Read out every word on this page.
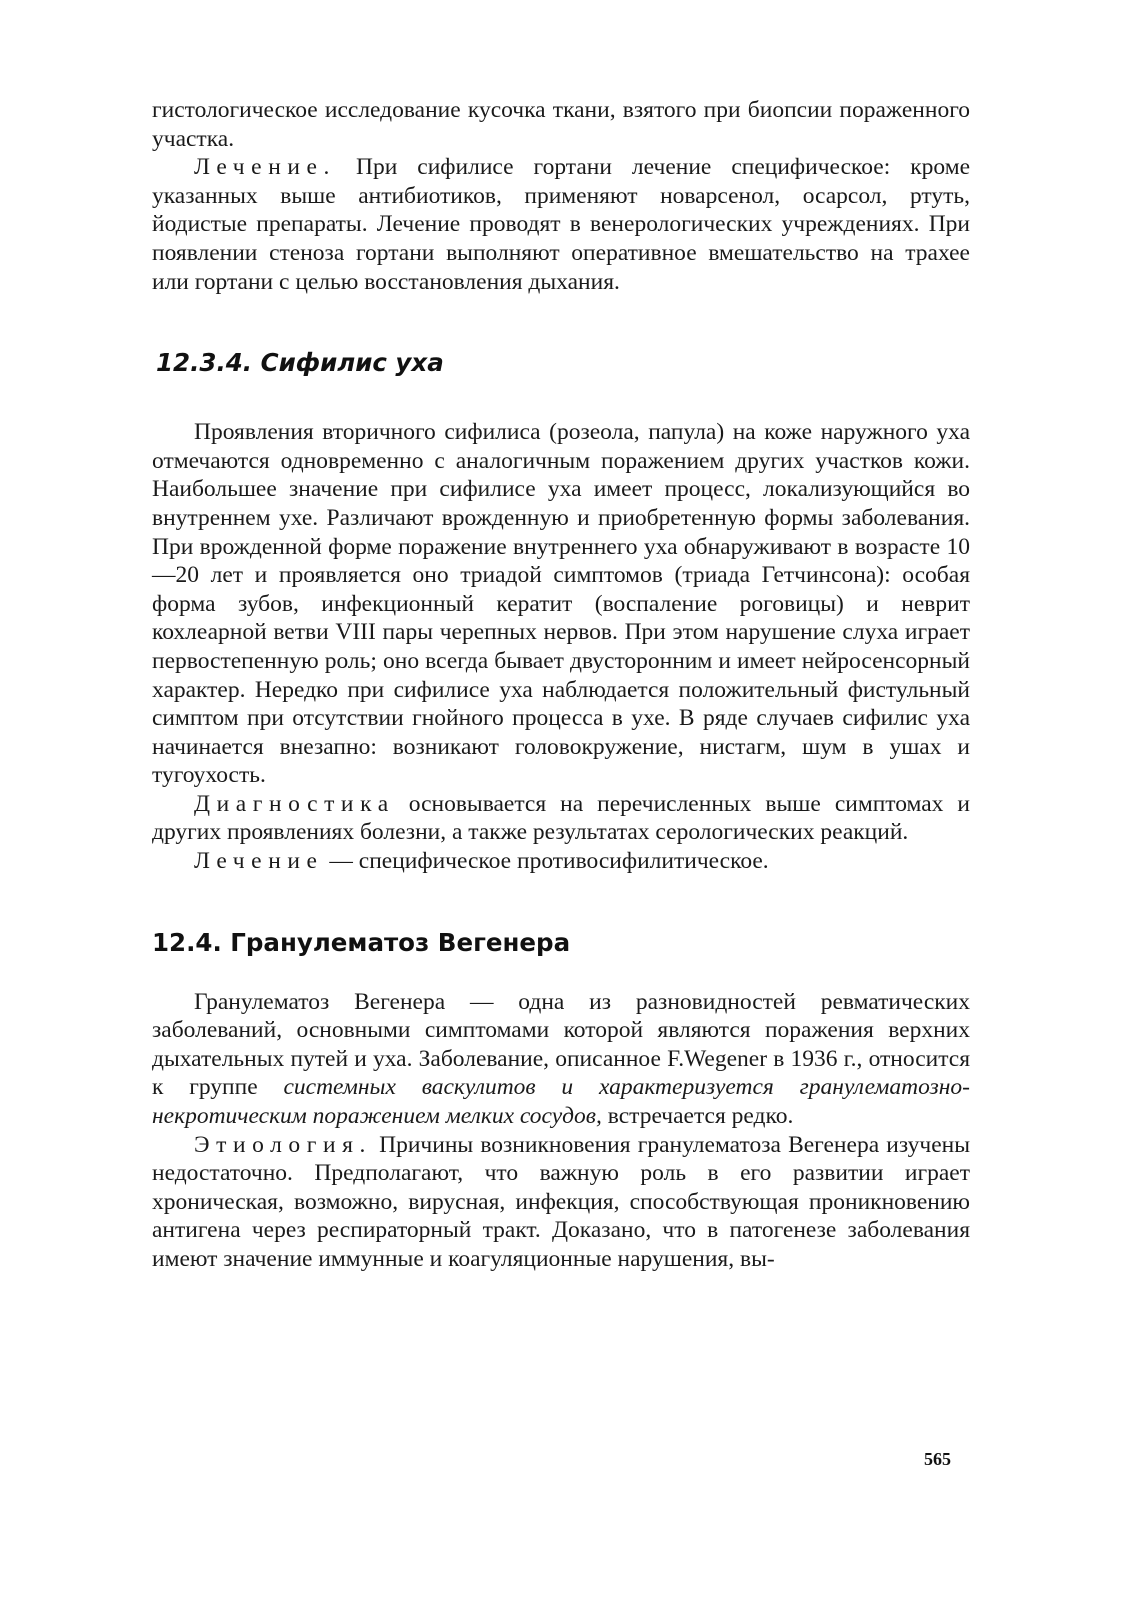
гистологическое исследование кусочка ткани, взятого при биопсии пораженного участка.

Лечение. При сифилисе гортани лечение специфическое: кроме указанных выше антибиотиков, применяют новарсенол, осарсол, ртуть, йодистые препараты. Лечение проводят в венерологических учреждениях. При появлении стеноза гортани выполняют оперативное вмешательство на трахее или гортани с целью восстановления дыхания.

12.3.4. Сифилис уха

Проявления вторичного сифилиса (розеола, папула) на коже наружного уха отмечаются одновременно с аналогичным поражением других участков кожи. Наибольшее значение при сифилисе уха имеет процесс, локализующийся во внутреннем ухе. Различают врожденную и приобретенную формы заболевания. При врожденной форме поражение внутреннего уха обнаруживают в возрасте 10—20 лет и проявляется оно триадой симптомов (триада Гетчинсона): особая форма зубов, инфекционный кератит (воспаление роговицы) и неврит кохлеарной ветви VIII пары черепных нервов. При этом нарушение слуха играет первостепенную роль; оно всегда бывает двусторонним и имеет нейросенсорный характер. Нередко при сифилисе уха наблюдается положительный фистульный симптом при отсутствии гнойного процесса в ухе. В ряде случаев сифилис уха начинается внезапно: возникают головокружение, нистагм, шум в ушах и тугоухость.

Диагностика основывается на перечисленных выше симптомах и других проявлениях болезни, а также результатах серологических реакций.

Лечение — специфическое противосифилитическое.

12.4. Гранулематоз Вегенера

Гранулематоз Вегенера — одна из разновидностей ревматических заболеваний, основными симптомами которой являются поражения верхних дыхательных путей и уха. Заболевание, описанное F.Wegener в 1936 г., относится к группе системных васкулитов и характеризуется гранулематозно-некротическим поражением мелких сосудов, встречается редко.

Этиология. Причины возникновения гранулематоза Вегенера изучены недостаточно. Предполагают, что важную роль в его развитии играет хроническая, возможно, вирусная, инфекция, способствующая проникновению антигена через респираторный тракт. Доказано, что в патогенезе заболевания имеют значение иммунные и коагуляционные нарушения, вы-

565
